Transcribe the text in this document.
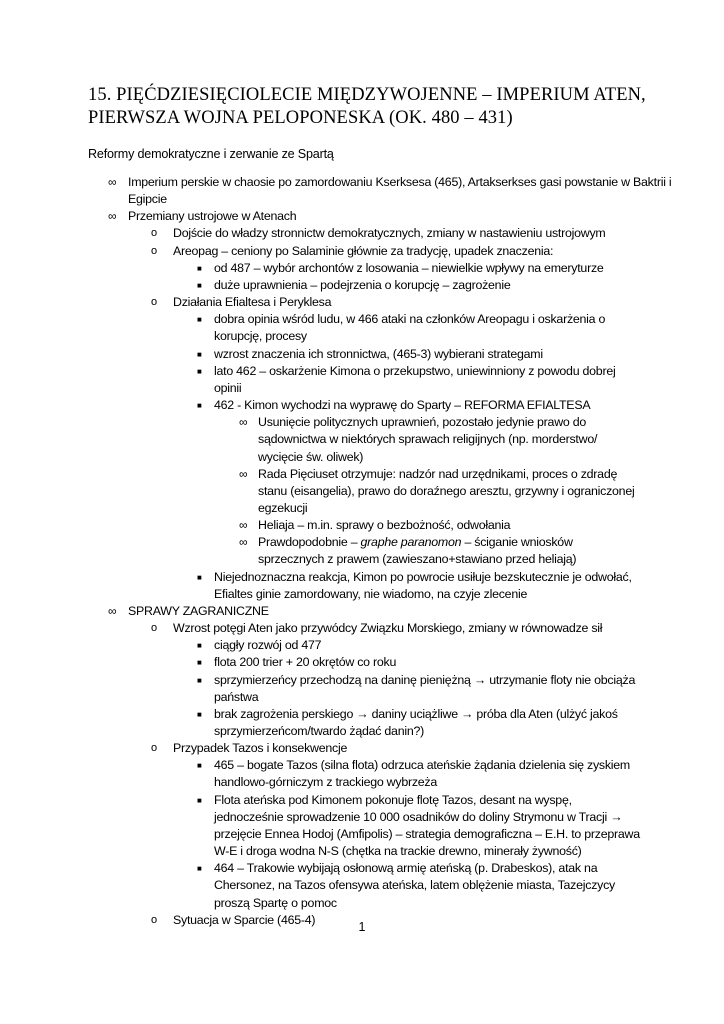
15. PIĘĆDZIESIĘCIOLECIE MIĘDZYWOJENNE – IMPERIUM ATEN,
PIERWSZA WOJNA PELOPONESKA (OK. 480 – 431)

Reformy demokratyczne i zerwanie ze Spartą

∞ Imperium perskie w chaosie po zamordowaniu Kserksesa (465), Artakserkses gasi powstanie w Baktrii i Egipcie
∞ Przemiany ustrojowe w Atenach
o Dojście do władzy stronnictw demokratycznych, zmiany w nastawieniu ustrojowym
o Areopag – ceniony po Salaminie głównie za tradycję, upadek znaczenia:
■ od 487 – wybór archontów z losowania – niewielkie wpływy na emeryturze
■ duże uprawnienia – podejrzenia o korupcję – zagrożenie
o Działania Efialtesa i Peryklesa
■ dobra opinia wśród ludu, w 466 ataki na członków Areopagu i oskarżenia o korupcję, procesy
■ wzrost znaczenia ich stronnictwa, (465-3) wybierani strategami
■ lato 462 – oskarżenie Kimona o przekupstwo, uniewinniony z powodu dobrej opinii
■ 462 - Kimon wychodzi na wyprawę do Sparty – REFORMA EFIALTESA
∞ Usunięcie politycznych uprawnień, pozostało jedynie prawo do sądownictwa w niektórych sprawach religijnych (np. morderstwo/ wycięcie św. oliwek)
∞ Rada Pięciuset otrzymuje: nadzór nad urzędnikami, proces o zdradę stanu (eisangelia), prawo do doraźnego aresztu, grzywny i ograniczonej egzekucji
∞ Heliaja – m.in. sprawy o bezbożność, odwołania
∞ Prawdopodobnie – graphe paranomon – ściganie wniosków sprzecznych z prawem (zawieszano+stawiano przed heliają)
■ Niejednoznaczna reakcja, Kimon po powrocie usiłuje bezskutecznie je odwołać, Efialtes ginie zamordowany, nie wiadomo, na czyje zlecenie
∞ SPRAWY ZAGRANICZNE
o Wzrost potęgi Aten jako przywódcy Związku Morskiego, zmiany w równowadze sił
■ ciągły rozwój od 477
■ flota 200 trier + 20 okrętów co roku
■ sprzymierzeńcy przechodzą na daninę pieniężną → utrzymanie floty nie obciąża państwa
■ brak zagrożenia perskiego → daniny uciążliwe → próba dla Aten (ulżyć jakoś sprzymierzeńcom/twardo żądać danin?)
o Przypadek Tazos i konsekwencje
■ 465 – bogate Tazos (silna flota) odrzuca ateńskie żądania dzielenia się zyskiem handlowo-górniczym z trackiego wybrzeża
■ Flota ateńska pod Kimonem pokonuje flotę Tazos, desant na wyspę, jednocześnie sprowadzenie 10 000 osadników do doliny Strymonu w Tracji → przejęcie Ennea Hodoj (Amfipolis) – strategia demograficzna – E.H. to przeprawa W-E i droga wodna N-S (chętka na trackie drewno, minerały żywność)
■ 464 – Trakowie wybijają osłonową armię ateńską (p. Drabeskos), atak na Chersonez, na Tazos ofensywa ateńska, latem oblężenie miasta, Tazejczycy proszą Spartę o pomoc
o Sytuacja w Sparcie (465-4)
1
